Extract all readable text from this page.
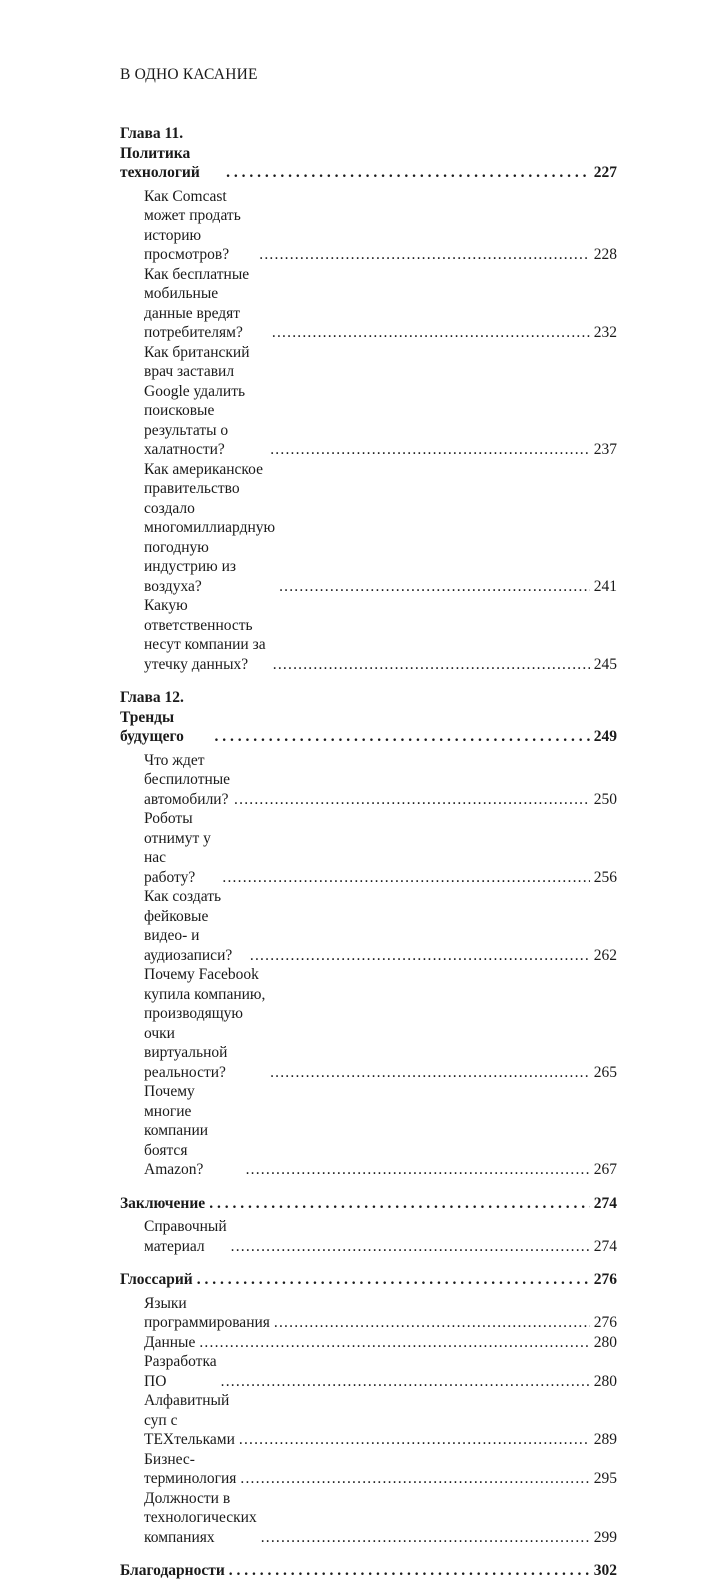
В ОДНО КАСАНИЕ
Глава 11. Политика технологий . . .	227
Как Comcast может продать историю просмотров? .....	228
Как бесплатные мобильные данные вредят потребителям? .....	232
Как британский врач заставил Google удалить поисковые
результаты о халатности? .....	237
Как американское правительство создало многомиллиардную
погодную индустрию из воздуха? .....	241
Какую ответственность несут компании за утечку данных? .....	245
Глава 12. Тренды будущего . . .	249
Что ждет беспилотные автомобили? .....	250
Роботы отнимут у нас работу? .....	256
Как создать фейковые видео- и аудиозаписи? .....	262
Почему Facebook купила компанию, производящую очки
виртуальной реальности? .....	265
Почему многие компании боятся Amazon? .....	267
Заключение . . .	274
Справочный материал .....	274
Глоссарий . . .	276
Языки программирования .....	276
Данные .....	280
Разработка ПО .....	280
Алфавитный суп с ТЕХтельками .....	289
Бизнес-терминология .....	295
Должности в технологических компаниях .....	299
Благодарности . . .	302
